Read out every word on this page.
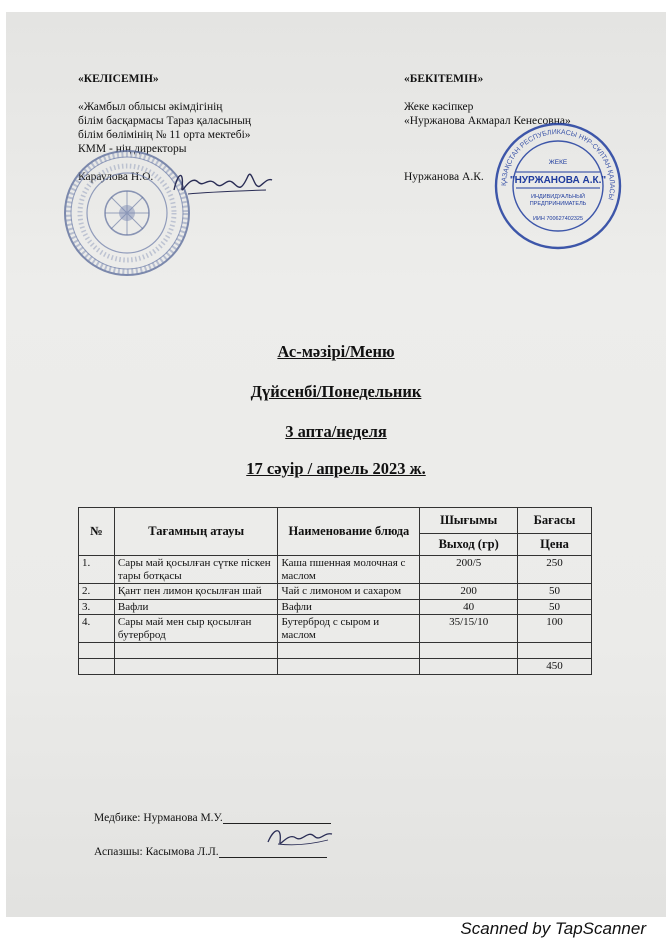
«КЕЛІСЕМІН»
«Жамбыл облысы әкімдігінің
білім басқармасы Тараз қаласының
білім бөлімінің № 11 орта мектебі»
КММ - нің директоры
Караулова Н.О.
«БЕКІТЕМІН»
Жеке кәсіпкер
«Нуржанова Акмарал Кенесовна»
Нуржанова А.К.
ҚАЗАҚСТАН РЕСПУБЛИКАСЫ НҰР-СҰЛТАН ҚАЛАСЫ
ЖЕКЕ
"НУРЖАНОВА А.К."
ИНДИВИДУАЛЬНЫЙ
ПРЕДПРИНИМАТЕЛЬ
ИИН 700627402325
Ас-мәзірі/Меню
Дүйсенбі/Понедельник
3 апта/неделя
17 сәуір / апрель 2023 ж.
№	Тағамның атауы	Наименование блюда	Шығымы	Бағасы
			Выход (гр)	Цена
1.	Сары май қосылған сүтке піскен тары ботқасы	Каша пшенная молочная с маслом	200/5	250
2.	Қант пен лимон қосылған шай	Чай с лимоном и сахаром	200	50
3.	Вафли	Вафли	40	50
4.	Сары май мен сыр қосылған бутерброд	Бутерброд с сыром и маслом	35/15/10	100

				450
Медбике: Нурманова М.У.
Аспазшы: Касымова Л.Л.
Scanned by TapScanner
